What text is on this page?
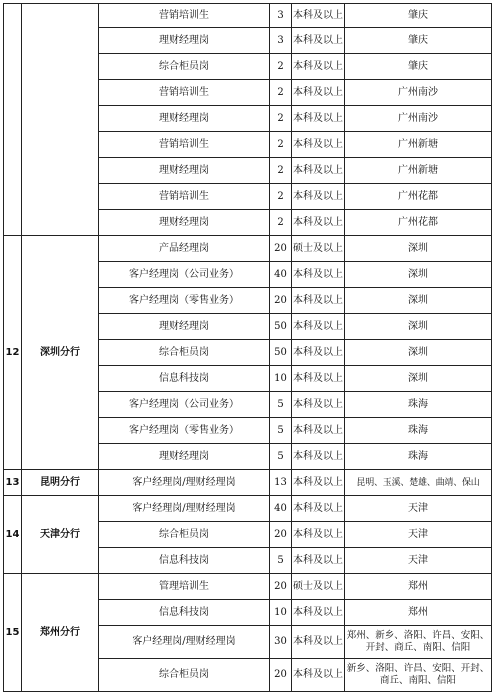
		营销培训生	3	本科及以上	肇庆
		理财经理岗	3	本科及以上	肇庆
		综合柜员岗	2	本科及以上	肇庆
		营销培训生	2	本科及以上	广州南沙
		理财经理岗	2	本科及以上	广州南沙
		营销培训生	2	本科及以上	广州新塘
		理财经理岗	2	本科及以上	广州新塘
		营销培训生	2	本科及以上	广州花都
		理财经理岗	2	本科及以上	广州花都
12	深圳分行	产品经理岗	20	硕士及以上	深圳
		客户经理岗（公司业务）	40	本科及以上	深圳
		客户经理岗（零售业务）	20	本科及以上	深圳
		理财经理岗	50	本科及以上	深圳
		综合柜员岗	50	本科及以上	深圳
		信息科技岗	10	本科及以上	深圳
		客户经理岗（公司业务）	5	本科及以上	珠海
		客户经理岗（零售业务）	5	本科及以上	珠海
		理财经理岗	5	本科及以上	珠海
13	昆明分行	客户经理岗/理财经理岗	13	本科及以上	昆明、玉溪、楚雄、曲靖、保山
14	天津分行	客户经理岗/理财经理岗	40	本科及以上	天津
		综合柜员岗	20	本科及以上	天津
		信息科技岗	5	本科及以上	天津
15	郑州分行	管理培训生	20	硕士及以上	郑州
		信息科技岗	10	本科及以上	郑州
		客户经理岗/理财经理岗	30	本科及以上	郑州、新乡、洛阳、许昌、安阳、开封、商丘、南阳、信阳
		综合柜员岗	20	本科及以上	新乡、洛阳、许昌、安阳、开封、商丘、南阳、信阳
